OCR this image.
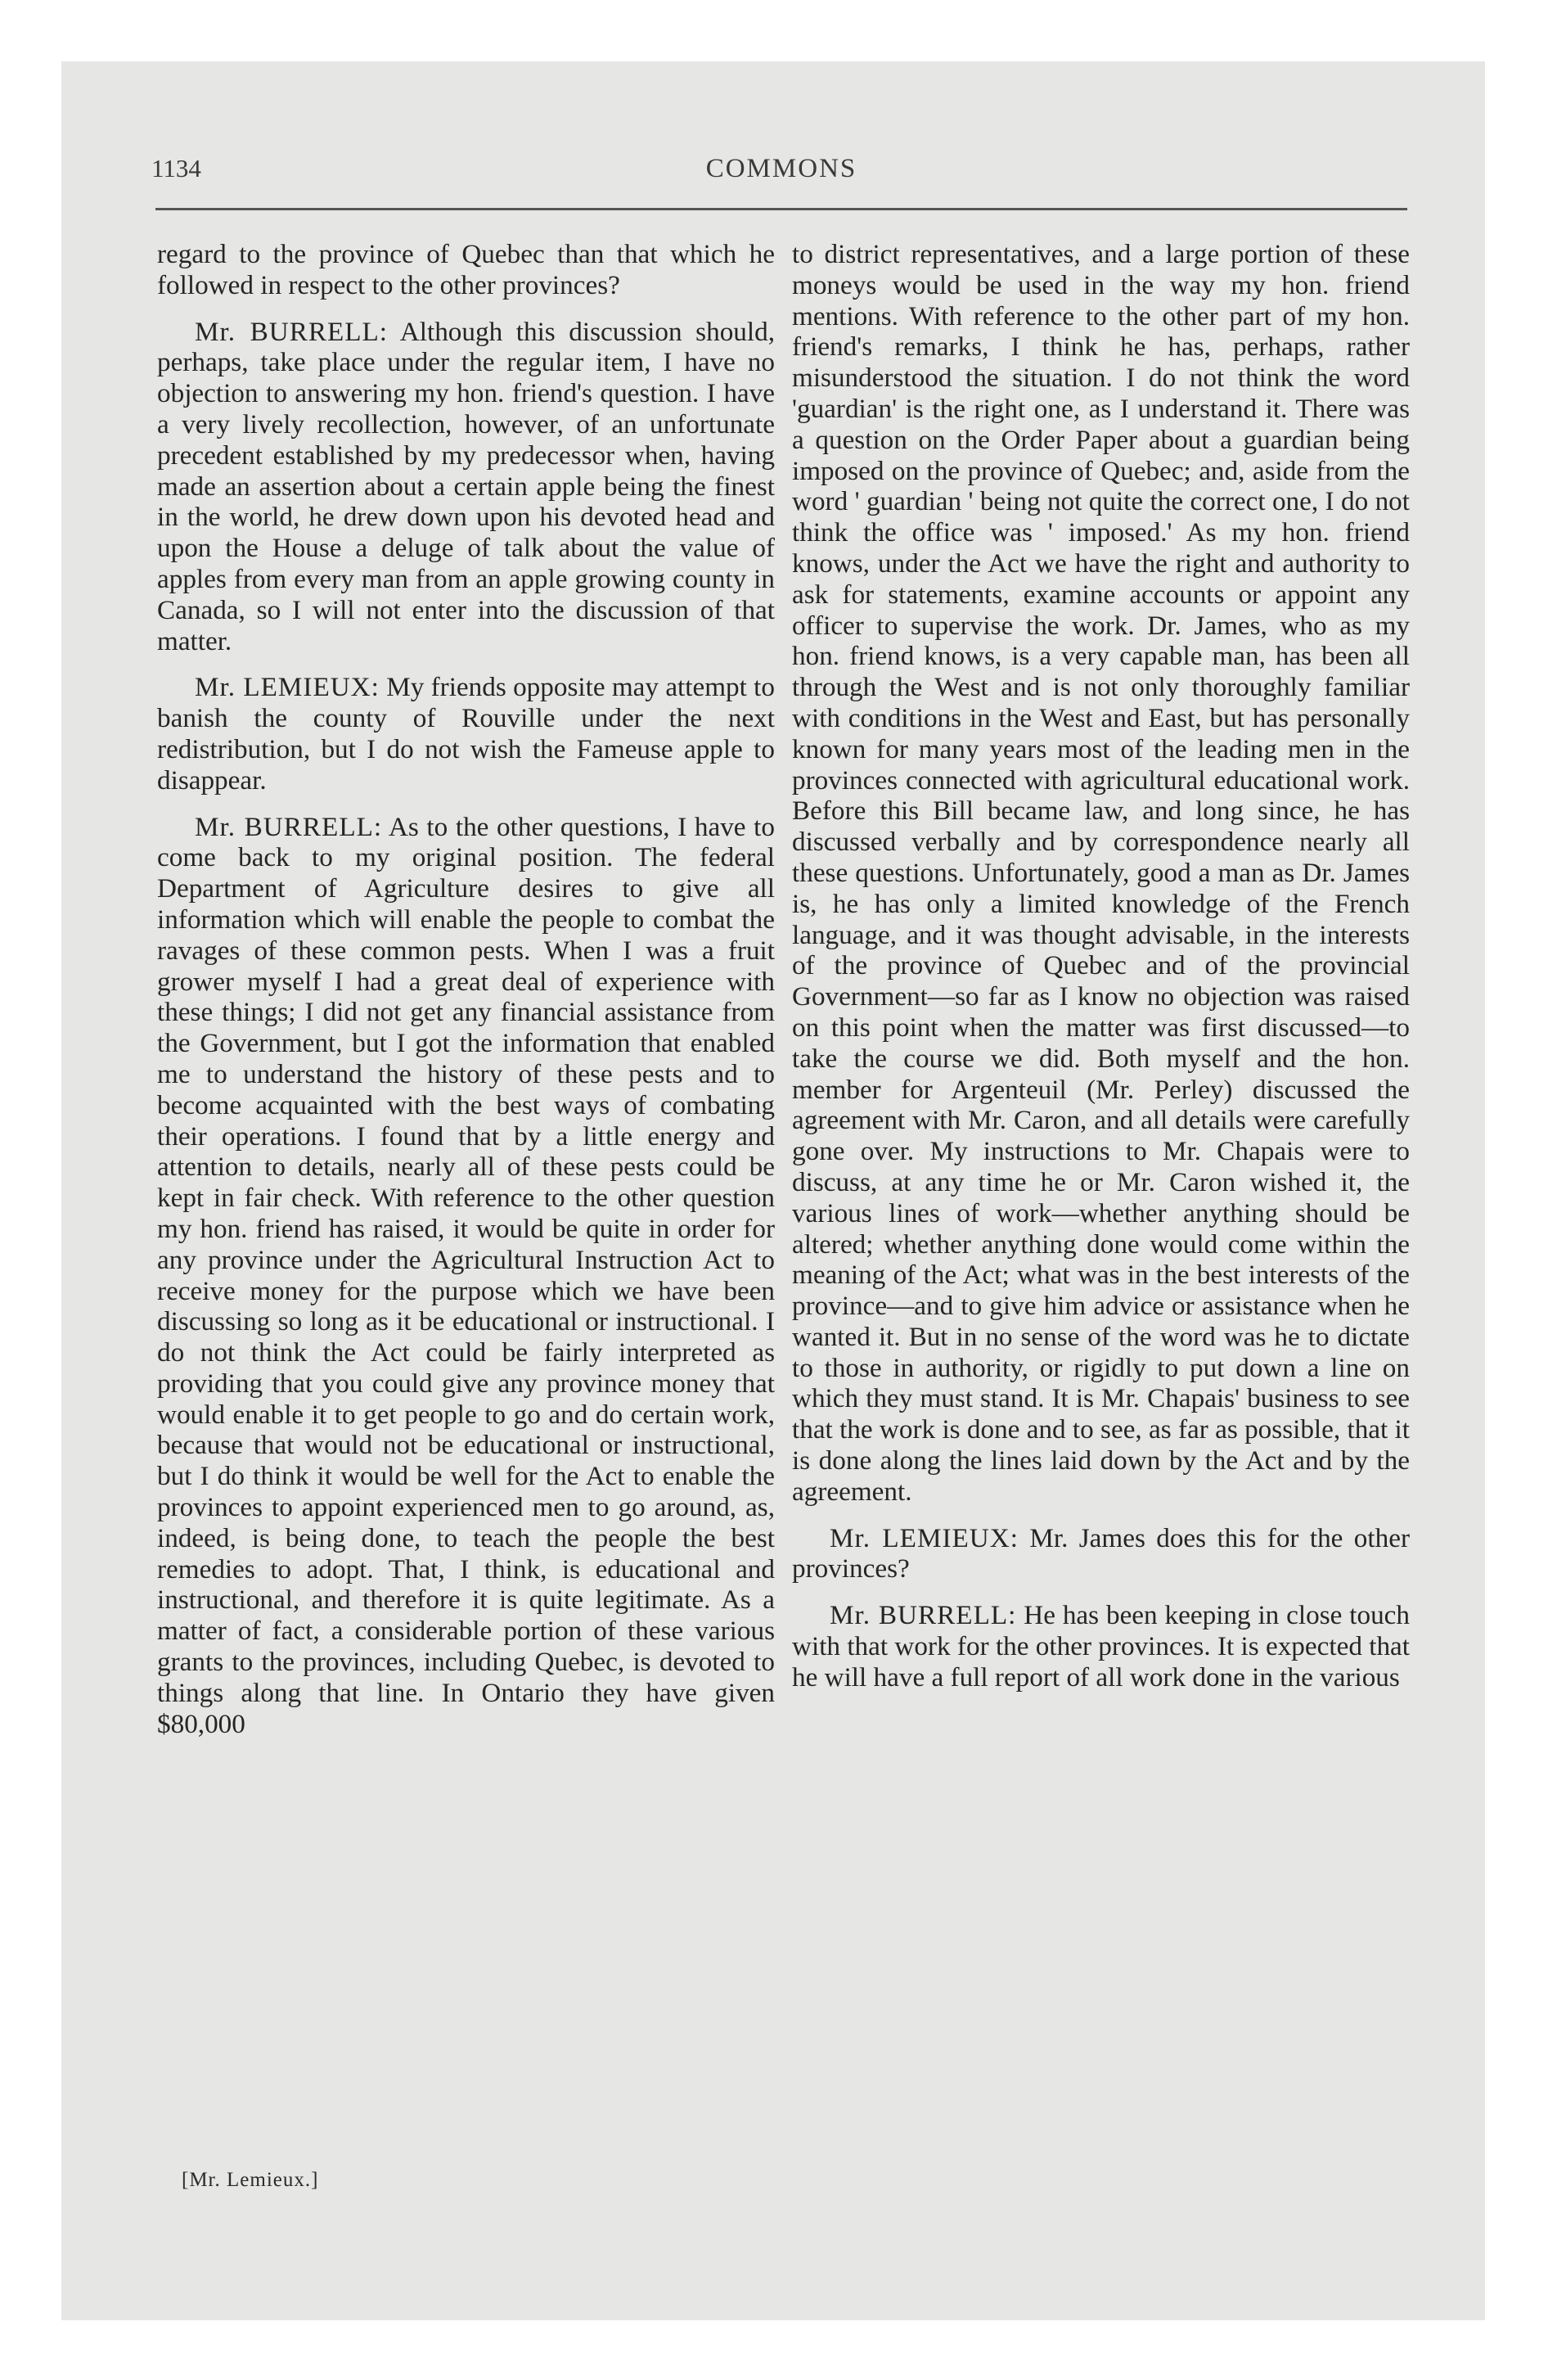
1134	COMMONS

regard to the province of Quebec than that which he followed in respect to the other provinces?

Mr. BURRELL: Although this discussion should, perhaps, take place under the regular item, I have no objection to answering my hon. friend's question. I have a very lively recollection, however, of an unfortunate precedent established by my predecessor when, having made an assertion about a certain apple being the finest in the world, he drew down upon his devoted head and upon the House a deluge of talk about the value of apples from every man from an apple growing county in Canada, so I will not enter into the discussion of that matter.

Mr. LEMIEUX: My friends opposite may attempt to banish the county of Rouville under the next redistribution, but I do not wish the Fameuse apple to disappear.

Mr. BURRELL: As to the other questions, I have to come back to my original position. The federal Department of Agriculture desires to give all information which will enable the people to combat the ravages of these common pests. When I was a fruit grower myself I had a great deal of experience with these things; I did not get any financial assistance from the Government, but I got the information that enabled me to understand the history of these pests and to become acquainted with the best ways of combating their operations. I found that by a little energy and attention to details, nearly all of these pests could be kept in fair check. With reference to the other question my hon. friend has raised, it would be quite in order for any province under the Agricultural Instruction Act to receive money for the purpose which we have been discussing so long as it be educational or instructional. I do not think the Act could be fairly interpreted as providing that you could give any province money that would enable it to get people to go and do certain work, because that would not be educational or instructional, but I do think it would be well for the Act to enable the provinces to appoint experienced men to go around, as, indeed, is being done, to teach the people the best remedies to adopt. That, I think, is educational and instructional, and therefore it is quite legitimate. As a matter of fact, a considerable portion of these various grants to the provinces, including Quebec, is devoted to things along that line. In Ontario they have given $80,000

[Mr. Lemieux.]

to district representatives, and a large portion of these moneys would be used in the way my hon. friend mentions. With reference to the other part of my hon. friend's remarks, I think he has, perhaps, rather misunderstood the situation. I do not think the word 'guardian' is the right one, as I understand it. There was a question on the Order Paper about a guardian being imposed on the province of Quebec; and, aside from the word ' guardian ' being not quite the correct one, I do not think the office was ' imposed.' As my hon. friend knows, under the Act we have the right and authority to ask for statements, examine accounts or appoint any officer to supervise the work. Dr. James, who as my hon. friend knows, is a very capable man, has been all through the West and is not only thoroughly familiar with conditions in the West and East, but has personally known for many years most of the leading men in the provinces connected with agricultural educational work. Before this Bill became law, and long since, he has discussed verbally and by correspondence nearly all these questions. Unfortunately, good a man as Dr. James is, he has only a limited knowledge of the French language, and it was thought advisable, in the interests of the province of Quebec and of the provincial Government—so far as I know no objection was raised on this point when the matter was first discussed—to take the course we did. Both myself and the hon. member for Argenteuil (Mr. Perley) discussed the agreement with Mr. Caron, and all details were carefully gone over. My instructions to Mr. Chapais were to discuss, at any time he or Mr. Caron wished it, the various lines of work—whether anything should be altered; whether anything done would come within the meaning of the Act; what was in the best interests of the province—and to give him advice or assistance when he wanted it. But in no sense of the word was he to dictate to those in authority, or rigidly to put down a line on which they must stand. It is Mr. Chapais' business to see that the work is done and to see, as far as possible, that it is done along the lines laid down by the Act and by the agreement.

Mr. LEMIEUX: Mr. James does this for the other provinces?

Mr. BURRELL: He has been keeping in close touch with that work for the other provinces. It is expected that he will have a full report of all work done in the various
